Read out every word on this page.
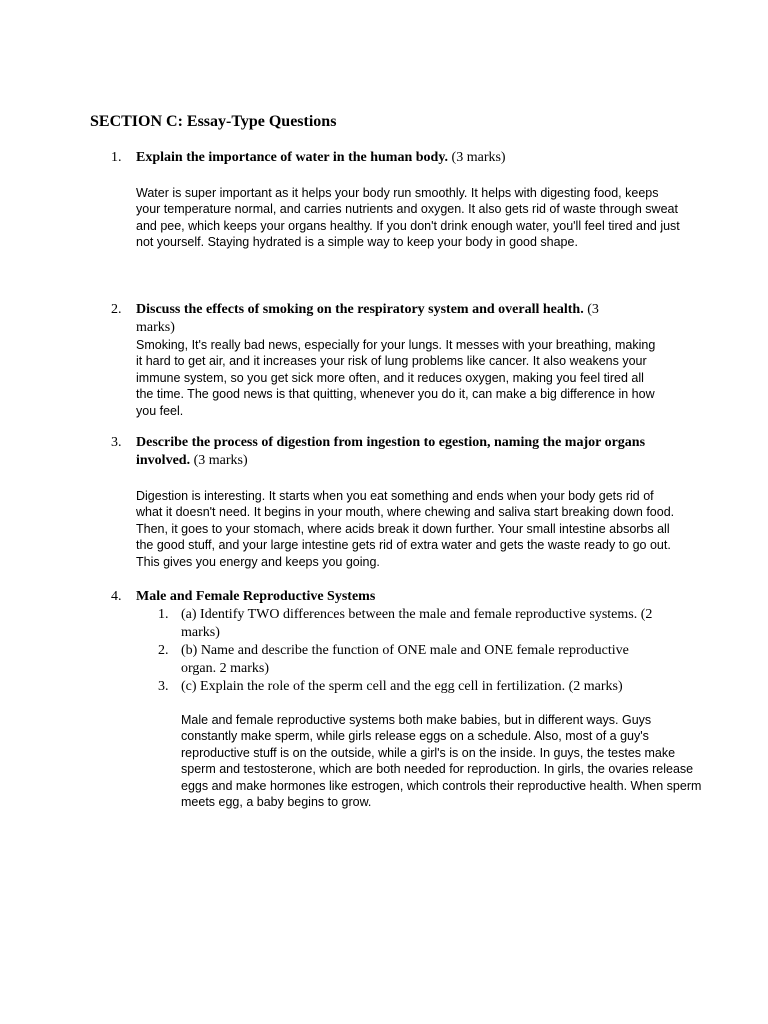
SECTION C: Essay-Type Questions
1.	Explain the importance of water in the human body. (3 marks)

Water is super important as it helps your body run smoothly. It helps with digesting food, keeps your temperature normal, and carries nutrients and oxygen. It also gets rid of waste through sweat and pee, which keeps your organs healthy. If you don't drink enough water, you'll feel tired and just not yourself. Staying hydrated is a simple way to keep your body in good shape.

2.	Discuss the effects of smoking on the respiratory system and overall health. (3 marks)

Smoking, It's really bad news, especially for your lungs. It messes with your breathing, making it hard to get air, and it increases your risk of lung problems like cancer. It also weakens your immune system, so you get sick more often, and it reduces oxygen, making you feel tired all the time. The good news is that quitting, whenever you do it, can make a big difference in how you feel.

3.	Describe the process of digestion from ingestion to egestion, naming the major organs involved. (3 marks)

Digestion is interesting. It starts when you eat something and ends when your body gets rid of what it doesn't need. It begins in your mouth, where chewing and saliva start breaking down food. Then, it goes to your stomach, where acids break it down further. Your small intestine absorbs all the good stuff, and your large intestine gets rid of extra water and gets the waste ready to go out. This gives you energy and keeps you going.

4.	Male and Female Reproductive Systems

1. (a) Identify TWO differences between the male and female reproductive systems. (2 marks)

2. (b) Name and describe the function of ONE male and ONE female reproductive organ. 2 marks)

3. (c) Explain the role of the sperm cell and the egg cell in fertilization. (2 marks)

Male and female reproductive systems both make babies, but in different ways. Guys constantly make sperm, while girls release eggs on a schedule. Also, most of a guy's reproductive stuff is on the outside, while a girl's is on the inside. In guys, the testes make sperm and testosterone, which are both needed for reproduction. In girls, the ovaries release eggs and make hormones like estrogen, which controls their reproductive health. When sperm meets egg, a baby begins to grow.
